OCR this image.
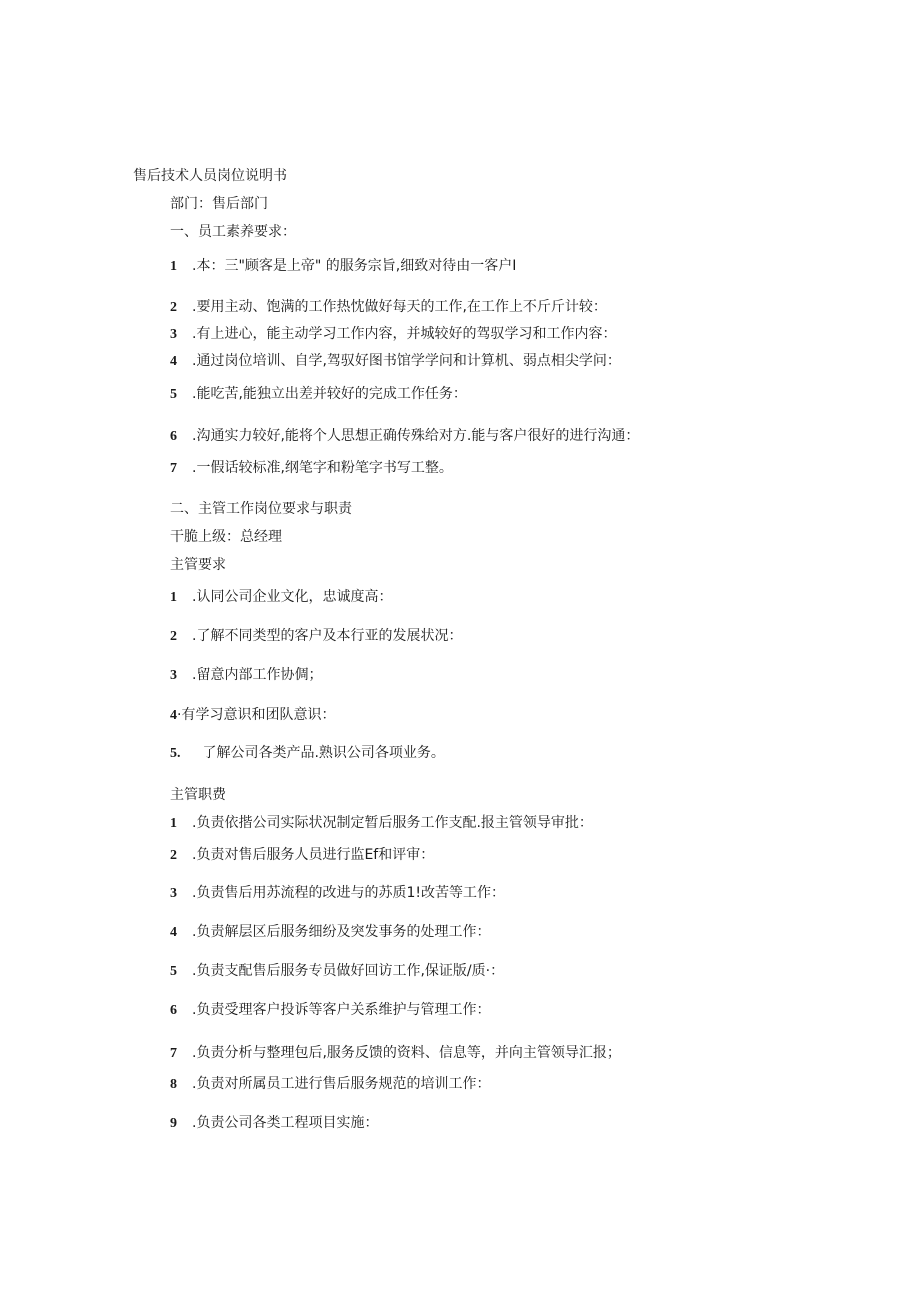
售后技术人员岗位说明书
部门：售后部门
一、员工素养要求：
1 .本：三"顾客是上帝" 的服务宗旨,细致对待由一客户I
2 .要用主动、饱满的工作热忱做好每天的工作,在工作上不斤斤计较：
3 .有上进心，能主动学习工作内容，并城较好的驾驭学习和工作内容：
4 .通过岗位培训、自学,驾驭好图书馆学学问和计算机、弱点相尖学问：
5 .能吃苦,能独立出差并较好的完成工作任务：
6 .沟通实力较好,能将个人思想正确传殊给对方.能与客户很好的进行沟通：
7 .一假话较标准,纲笔字和粉笔字书写工整。
二、主管工作岗位要求与职责
干脆上级：总经理
主管要求
1 .认同公司企业文化，忠诚度高：
2 .了解不同类型的客户及本行亚的发展状况：
3 .留意内部工作协倜；
4·有学习意识和团队意识：
5. 了解公司各类产品.熟识公司各项业务。
主管职费
1 .负责依揩公司实际状况制定暂后服务工作支配.报主管领导审批：
2 .负责对售后服务人员进行监Ef和评审：
3 .负责售后用苏流程的改进与的苏质1!改苦等工作：
4 .负责解层区后服务细纷及突发事务的处理工作：
5 .负责支配售后服务专员做好回访工作,保证版/质·：
6 .负责受理客户投诉等客户关系维护与管理工作：
7 .负责分析与整理包后,服务反馈的资料、信息等，并向主管领导汇报；
8 .负责对所属员工进行售后服务规范的培训工作：
9 .负责公司各类工程项目实施：
